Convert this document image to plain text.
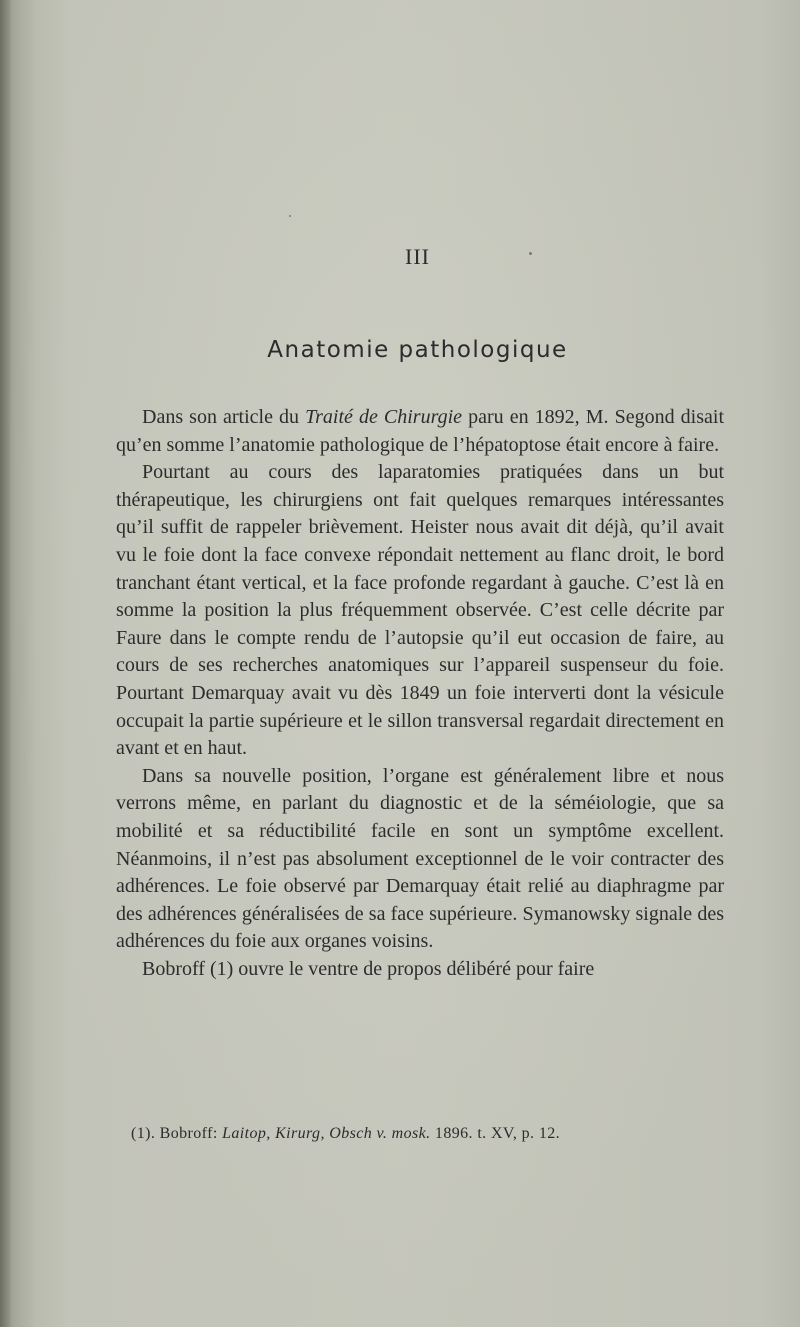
III
Anatomie pathologique

Dans son article du Traité de Chirurgie paru en 1892, M. Segond disait qu’en somme l’anatomie pathologique de l’hépatoptose était encore à faire.

Pourtant au cours des laparatomies pratiquées dans un but thérapeutique, les chirurgiens ont fait quelques remarques intéressantes qu’il suffit de rappeler brièvement. Heister nous avait dit déjà, qu’il avait vu le foie dont la face convexe répondait nettement au flanc droit, le bord tranchant étant vertical, et la face profonde regardant à gauche. C’est là en somme la position la plus fréquemment observée. C’est celle décrite par Faure dans le compte rendu de l’autopsie qu’il eut occasion de faire, au cours de ses recherches anatomiques sur l’appareil suspenseur du foie. Pourtant Demarquay avait vu dès 1849 un foie interverti dont la vésicule occupait la partie supérieure et le sillon transversal regardait directement en avant et en haut.

Dans sa nouvelle position, l’organe est généralement libre et nous verrons même, en parlant du diagnostic et de la séméiologie, que sa mobilité et sa réductibilité facile en sont un symptôme excellent. Néanmoins, il n’est pas absolument exceptionnel de le voir contracter des adhérences. Le foie observé par Demarquay était relié au diaphragme par des adhérences généralisées de sa face supérieure. Symanowsky signale des adhérences du foie aux organes voisins.

Bobroff (1) ouvre le ventre de propos délibéré pour faire

(1). Bobroff: Laitop, Kirurg, Obsch v. mosk. 1896. t. XV, p. 12.
